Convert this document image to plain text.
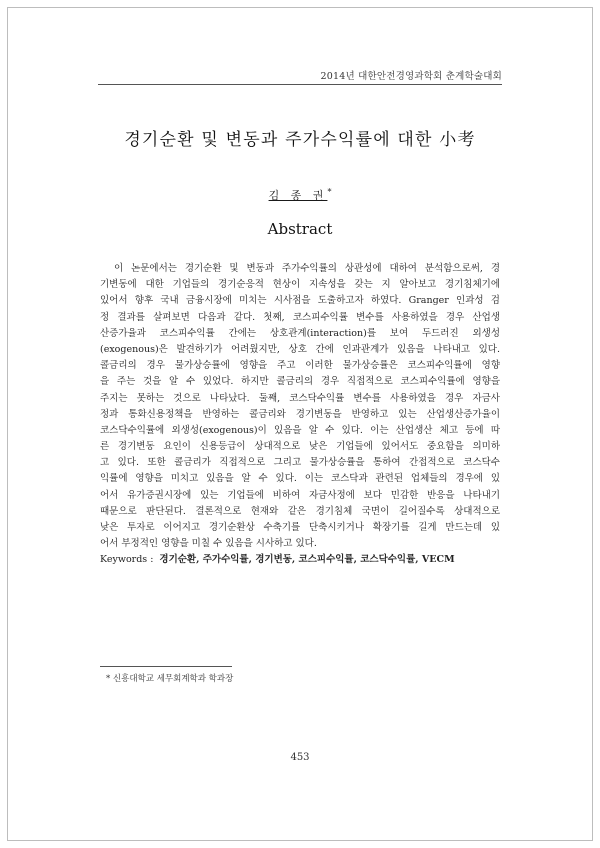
2014년 대한안전경영과학회 춘계학술대회
경기순환 및 변동과 주가수익률에 대한 小考
김 종 권*
Abstract
이 논문에서는 경기순환 및 변동과 주가수익률의 상관성에 대하여 분석함으로써, 경
기변동에 대한 기업들의 경기순응적 현상이 지속성을 갖는 지 알아보고 경기침체기에
있어서 향후 국내 금융시장에 미치는 시사점을 도출하고자 하였다. Granger 인과성 검
정 결과를 살펴보면 다음과 같다. 첫째, 코스피수익률 변수를 사용하였을 경우 산업생
산증가율과 코스피수익률 간에는 상호관계(interaction)를 보여 두드러진 외생성
(exogenous)은 발견하기가 어려웠지만, 상호 간에 인과관계가 있음을 나타내고 있다.
콜금리의 경우 물가상승률에 영향을 주고 이러한 물가상승률은 코스피수익률에 영향
을 주는 것을 알 수 있었다. 하지만 콜금리의 경우 직접적으로 코스피수익률에 영향을
주지는 못하는 것으로 나타났다. 둘째, 코스닥수익률 변수를 사용하였을 경우 자금사
정과 통화신용정책을 반영하는 콜금리와 경기변동을 반영하고 있는 산업생산증가율이
코스닥수익률에 외생성(exogenous)이 있음을 알 수 있다. 이는 산업생산 체고 등에 따
른 경기변동 요인이 신용등급이 상대적으로 낮은 기업들에 있어서도 중요함을 의미하
고 있다. 또한 콜금리가 직접적으로 그리고 물가상승률을 통하여 간접적으로 코스닥수
익률에 영향을 미치고 있음을 알 수 있다. 이는 코스닥과 관련된 업체들의 경우에 있
어서 유가증권시장에 있는 기업들에 비하여 자금사정에 보다 민감한 반응을 나타내기
때문으로 판단된다. 결론적으로 현재와 같은 경기침체 국면이 길어질수록 상대적으로
낮은 투자로 이어지고 경기순환상 수축기를 단축시키거나 확장기를 길게 만드는데 있
어서 부정적인 영향을 미칠 수 있음을 시사하고 있다.
Keywords : 경기순환, 주가수익률, 경기변동, 코스피수익률, 코스닥수익률, VECM
* 신흥대학교 세무회계학과 학과장
453
